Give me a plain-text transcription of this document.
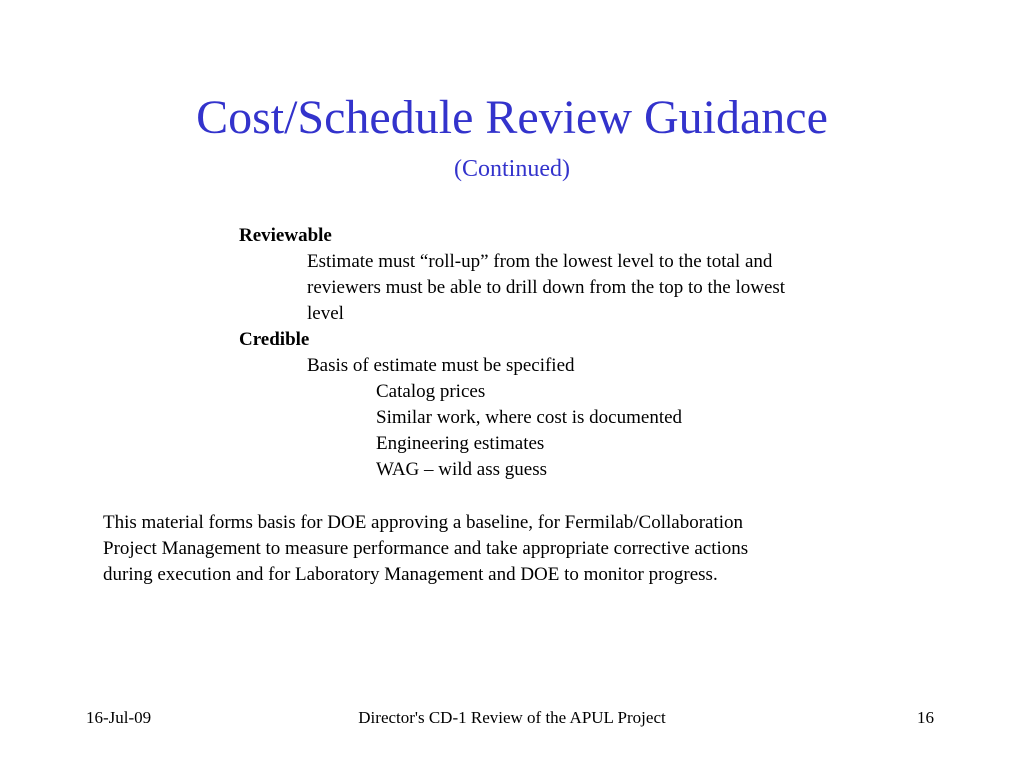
Cost/Schedule Review Guidance
(Continued)
Reviewable
Estimate must “roll-up” from the lowest level to the total and
reviewers must be able to drill down from the top to the lowest
level
Credible
Basis of estimate must be specified
Catalog prices
Similar work, where cost is documented
Engineering estimates
WAG – wild ass guess
This material forms basis for DOE approving a baseline, for Fermilab/Collaboration
Project Management to measure performance and take appropriate corrective actions
during execution and for Laboratory Management and DOE to monitor progress.
16-Jul-09	Director's CD-1 Review of the APUL Project	16
